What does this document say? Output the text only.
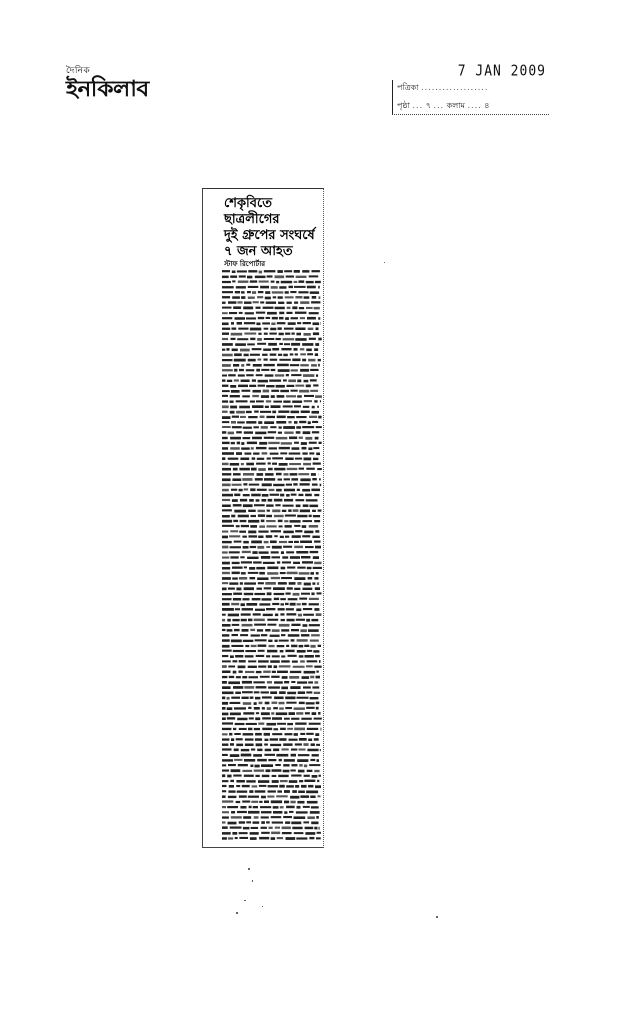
দৈনিক
ইনকিলাব
7 JAN 2009
পত্রিকা ...................
পৃষ্ঠা ... ৭ ... কলাম .... ৪
শেকৃবিতে ছাত্রলীগের
দুই গ্রুপের সংঘর্ষে
৭ জন আহত
স্টাফ রিপোর্টার
